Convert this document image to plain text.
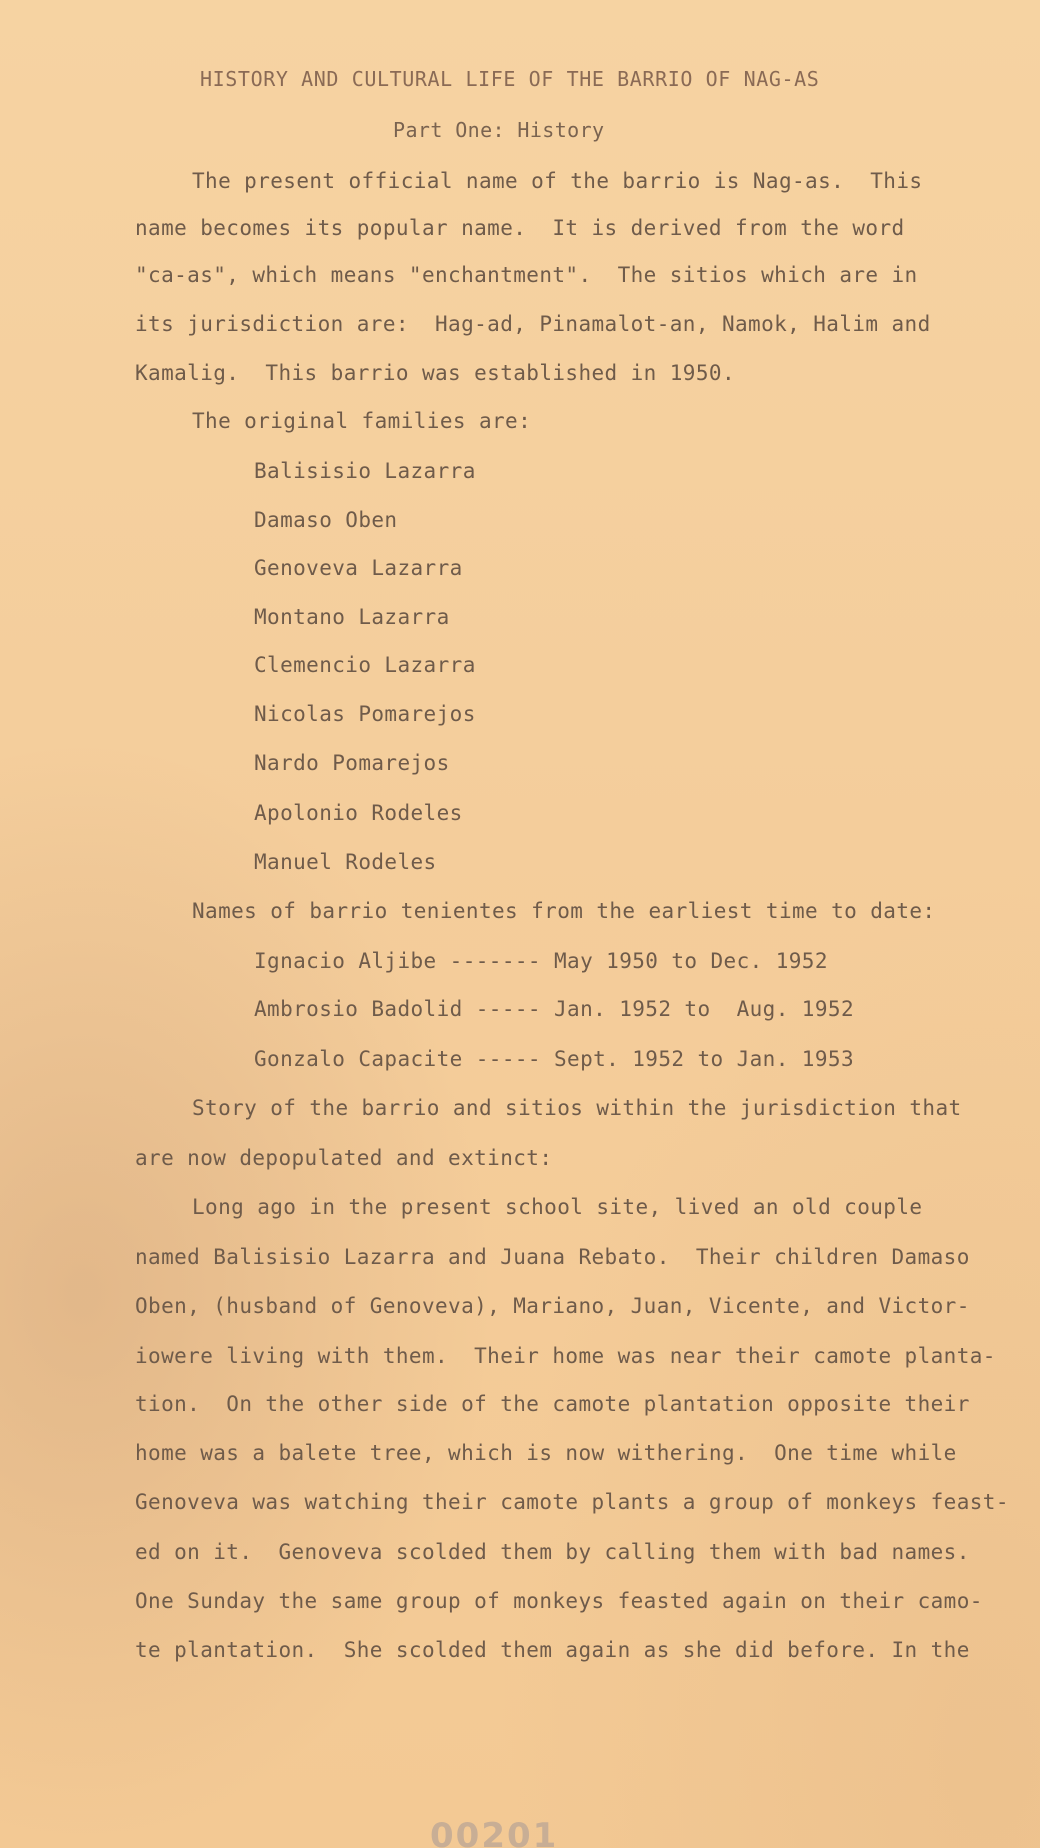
HISTORY AND CULTURAL LIFE OF THE BARRIO OF NAG-AS
Part One: History
The present official name of the barrio is Nag-as.  This
name becomes its popular name.  It is derived from the word
"ca-as", which means "enchantment".  The sitios which are in
its jurisdiction are:  Hag-ad, Pinamalot-an, Namok, Halim and
Kamalig.  This barrio was established in 1950.
The original families are:
Balisisio Lazarra
Damaso Oben
Genoveva Lazarra
Montano Lazarra
Clemencio Lazarra
Nicolas Pomarejos
Nardo Pomarejos
Apolonio Rodeles
Manuel Rodeles
Names of barrio tenientes from the earliest time to date:
Ignacio Aljibe ------- May 1950 to Dec. 1952
Ambrosio Badolid ----- Jan. 1952 to  Aug. 1952
Gonzalo Capacite ----- Sept. 1952 to Jan. 1953
Story of the barrio and sitios within the jurisdiction that
are now depopulated and extinct:
Long ago in the present school site, lived an old couple
named Balisisio Lazarra and Juana Rebato.  Their children Damaso
Oben, (husband of Genoveva), Mariano, Juan, Vicente, and Victor-
iowere living with them.  Their home was near their camote planta-
tion.  On the other side of the camote plantation opposite their
home was a balete tree, which is now withering.  One time while
Genoveva was watching their camote plants a group of monkeys feast-
ed on it.  Genoveva scolded them by calling them with bad names.
One Sunday the same group of monkeys feasted again on their camo-
te plantation.  She scolded them again as she did before. In the
00201
